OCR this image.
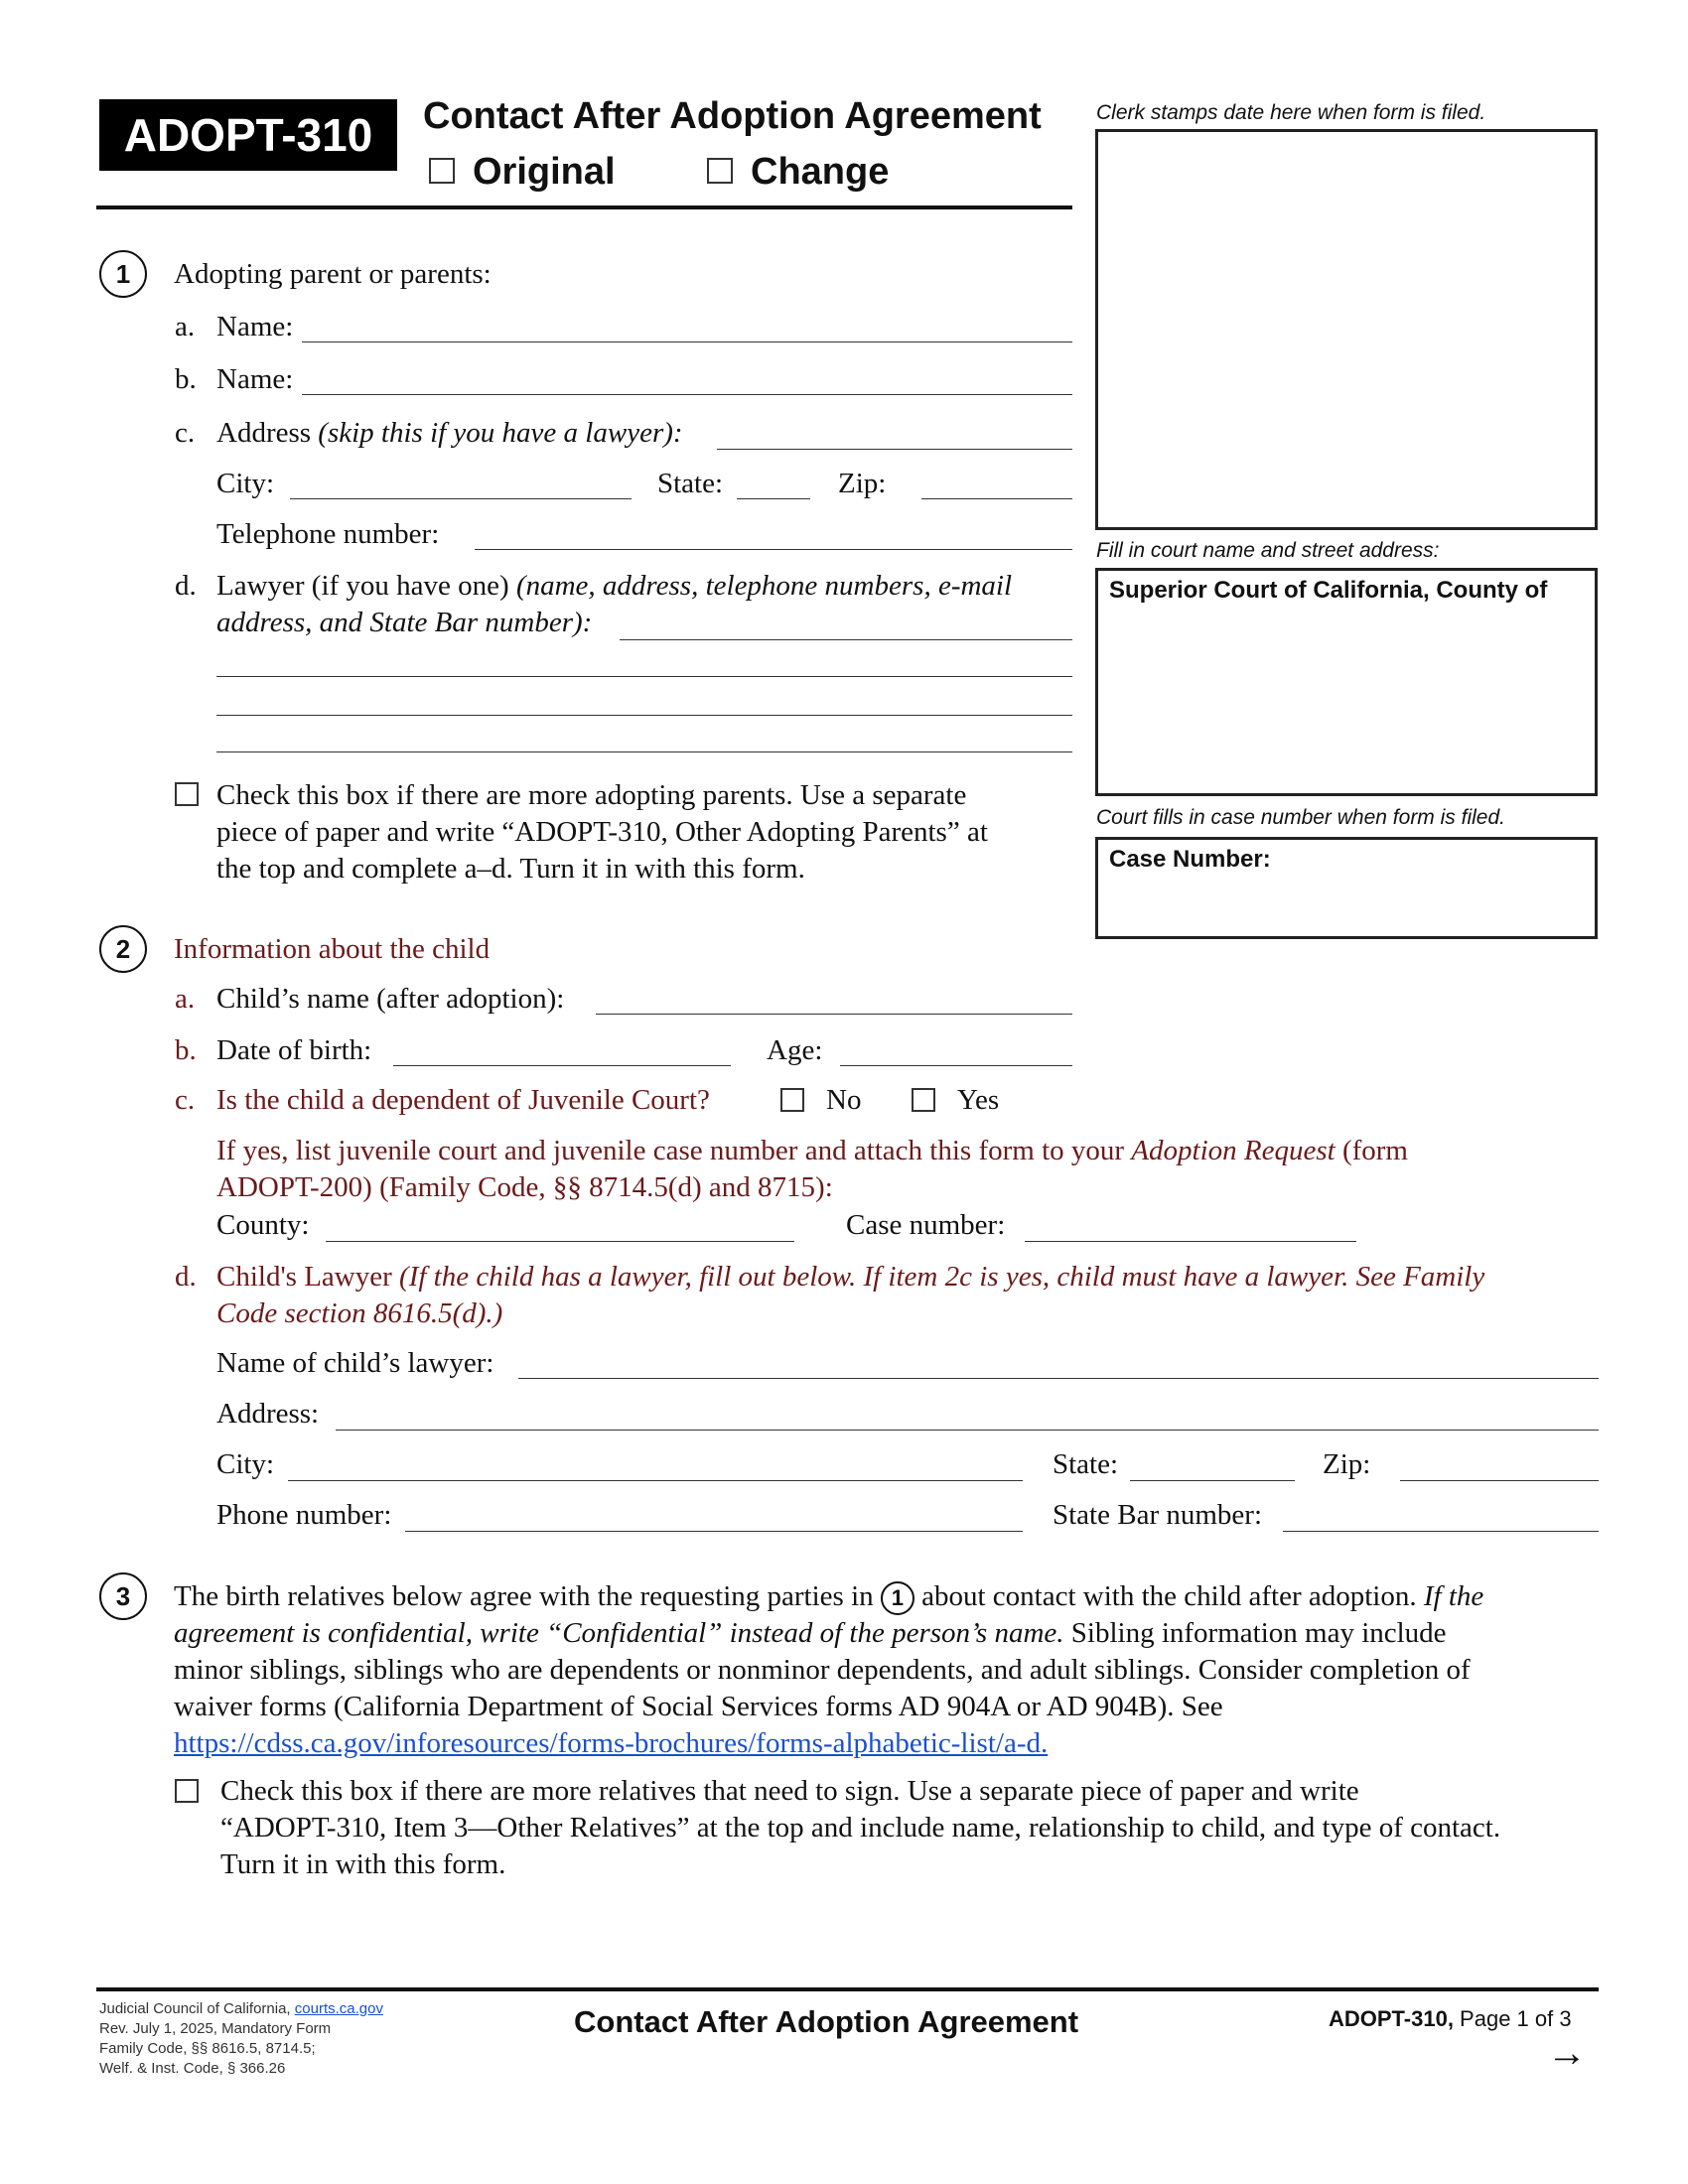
ADOPT-310	Contact After Adoption Agreement
Original	Change
Clerk stamps date here when form is filed.
Fill in court name and street address:
Superior Court of California, County of
Court fills in case number when form is filed.
Case Number:
1	Adopting parent or parents:
a. Name:
b. Name:
c. Address (skip this if you have a lawyer):
City:	State:	Zip:
Telephone number:
d. Lawyer (if you have one) (name, address, telephone numbers, e-mail
address, and State Bar number):
Check this box if there are more adopting parents. Use a separate
piece of paper and write “ADOPT-310, Other Adopting Parents” at
the top and complete a–d. Turn it in with this form.
2	Information about the child
a. Child’s name (after adoption):
b. Date of birth:	Age:
c. Is the child a dependent of Juvenile Court?	No	Yes
If yes, list juvenile court and juvenile case number and attach this form to your Adoption Request (form
ADOPT-200) (Family Code, §§ 8714.5(d) and 8715):
County:	Case number:
d. Child's Lawyer (If the child has a lawyer, fill out below. If item 2c is yes, child must have a lawyer. See Family
Code section 8616.5(d).)
Name of child’s lawyer:
Address:
City:	State:	Zip:
Phone number:	State Bar number:
3	The birth relatives below agree with the requesting parties in 1 about contact with the child after adoption. If the
agreement is confidential, write “Confidential” instead of the person’s name. Sibling information may include
minor siblings, siblings who are dependents or nonminor dependents, and adult siblings. Consider completion of
waiver forms (California Department of Social Services forms AD 904A or AD 904B). See
https://cdss.ca.gov/inforesources/forms-brochures/forms-alphabetic-list/a-d.
Check this box if there are more relatives that need to sign. Use a separate piece of paper and write
“ADOPT-310, Item 3—Other Relatives” at the top and include name, relationship to child, and type of contact.
Turn it in with this form.
Judicial Council of California, courts.ca.gov
Rev. July 1, 2025, Mandatory Form
Family Code, §§ 8616.5, 8714.5;
Welf. & Inst. Code, § 366.26
Contact After Adoption Agreement	ADOPT-310, Page 1 of 3
→
